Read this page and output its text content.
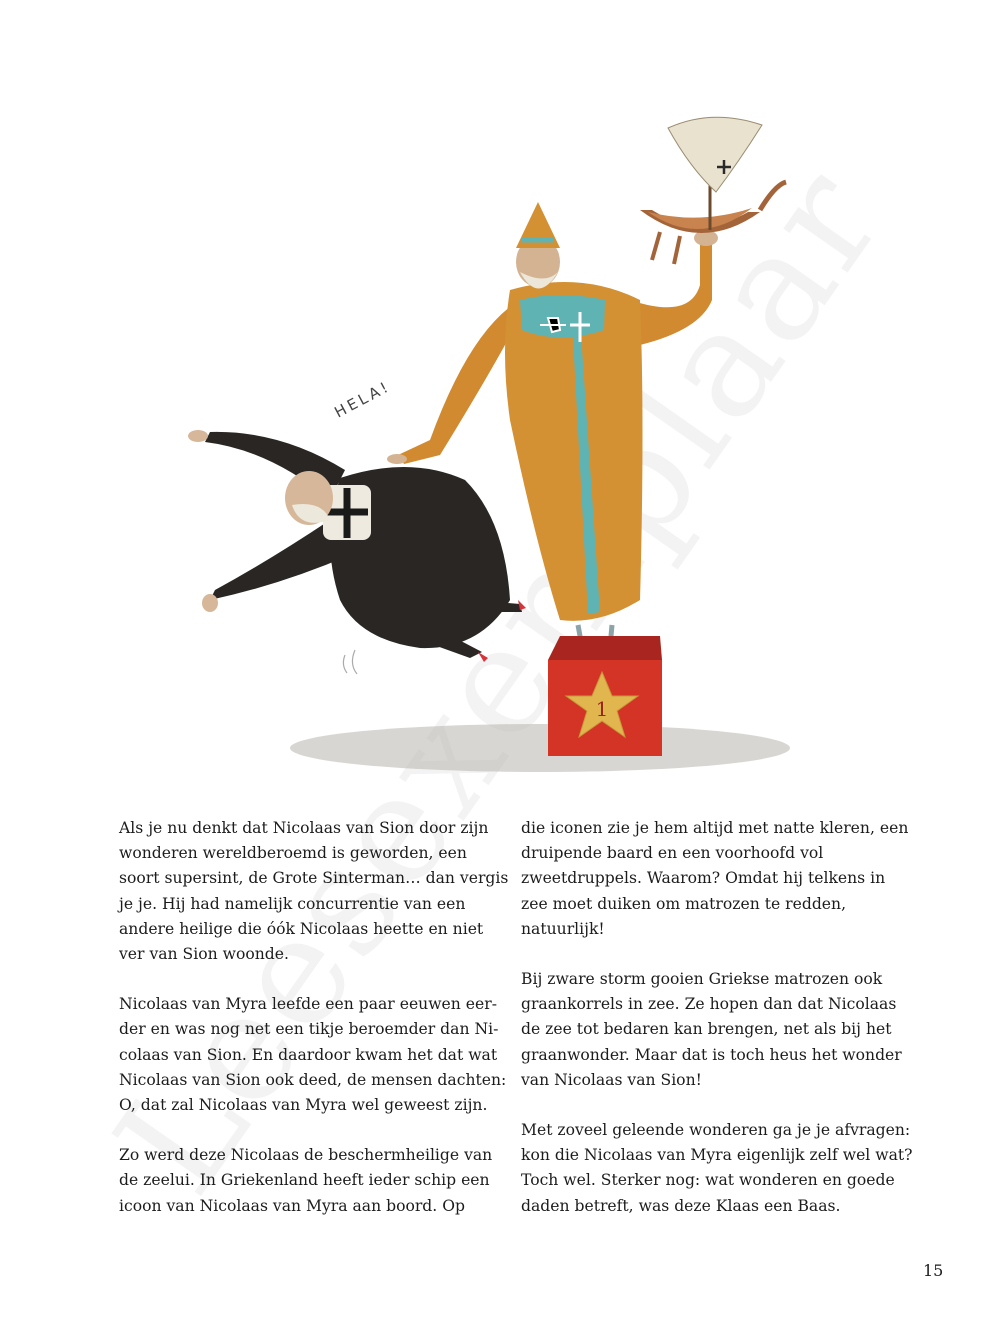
HELA!
1

Als je nu denkt dat Nicolaas van Sion door zijn wonderen wereldberoemd is geworden, een soort supersint, de Grote Sinterman… dan vergis je je. Hij had namelijk concurrentie van een andere heilige die óók Nicolaas heette en niet ver van Sion woonde.

Nicolaas van Myra leefde een paar eeuwen eer-der en was nog net een tikje beroemder dan Ni-colaas van Sion. En daardoor kwam het dat wat Nicolaas van Sion ook deed, de mensen dachten: O, dat zal Nicolaas van Myra wel geweest zijn.

Zo werd deze Nicolaas de beschermheilige van de zeelui. In Griekenland heeft ieder schip een icoon van Nicolaas van Myra aan boord. Op

die iconen zie je hem altijd met natte kleren, een druipende baard en een voorhoofd vol zweetdruppels. Waarom? Omdat hij telkens in zee moet duiken om matrozen te redden, natuurlijk!

Bij zware storm gooien Griekse matrozen ook graankorrels in zee. Ze hopen dan dat Nicolaas de zee tot bedaren kan brengen, net als bij het graanwonder. Maar dat is toch heus het wonder van Nicolaas van Sion!

Met zoveel geleende wonderen ga je je afvragen: kon die Nicolaas van Myra eigenlijk zelf wel wat? Toch wel. Sterker nog: wat wonderen en goede daden betreft, was deze Klaas een Baas.

15
